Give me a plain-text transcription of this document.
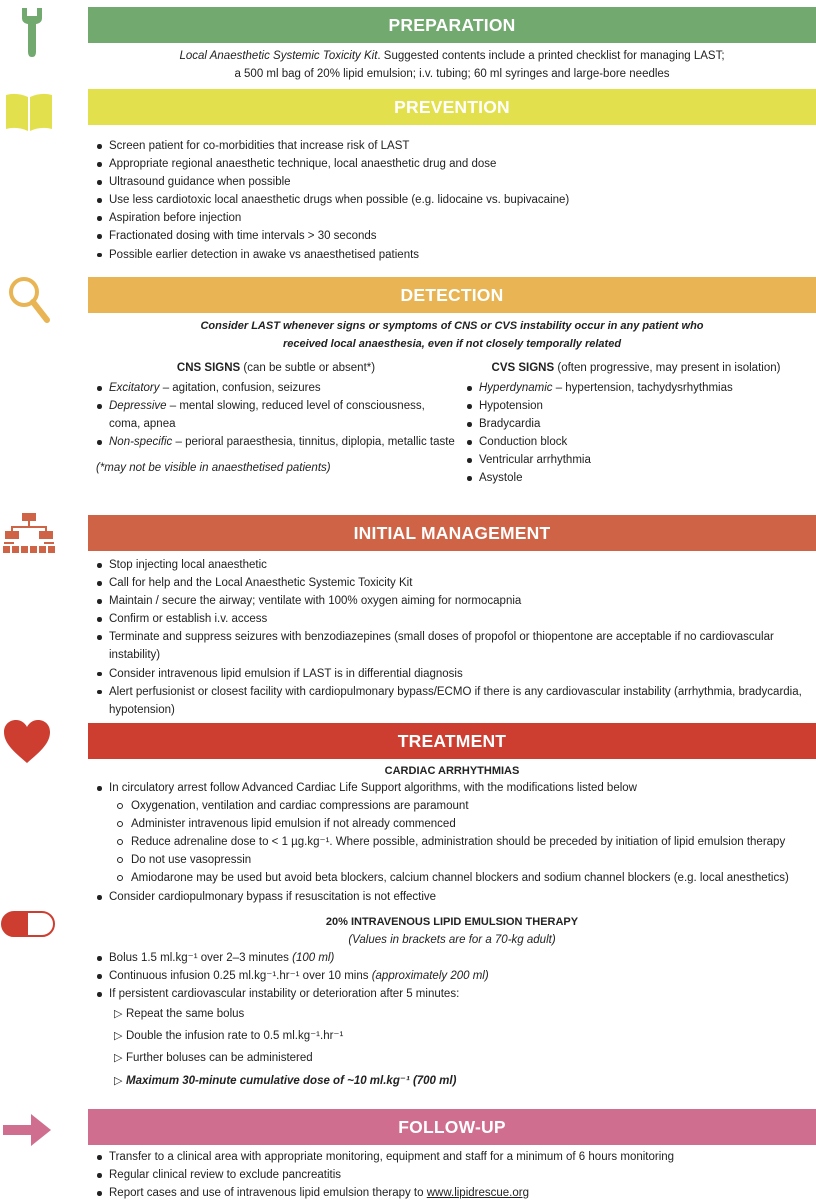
PREPARATION
Local Anaesthetic Systemic Toxicity Kit. Suggested contents include a printed checklist for managing LAST;
a 500 ml bag of 20% lipid emulsion; i.v. tubing; 60 ml syringes and large-bore needles
PREVENTION
Screen patient for co-morbidities that increase risk of LAST
Appropriate regional anaesthetic technique, local anaesthetic drug and dose
Ultrasound guidance when possible
Use less cardiotoxic local anaesthetic drugs when possible (e.g. lidocaine vs. bupivacaine)
Aspiration before injection
Fractionated dosing with time intervals > 30 seconds
Possible earlier detection in awake vs anaesthetised patients
DETECTION
Consider LAST whenever signs or symptoms of CNS or CVS instability occur in any patient who
received local anaesthesia, even if not closely temporally related
CNS SIGNS (can be subtle or absent*)
Excitatory – agitation, confusion, seizures
Depressive – mental slowing, reduced level of consciousness, coma, apnea
Non-specific – perioral paraesthesia, tinnitus, diplopia, metallic taste
(*may not be visible in anaesthetised patients)
CVS SIGNS (often progressive, may present in isolation)
Hyperdynamic – hypertension, tachydysrhythmias
Hypotension
Bradycardia
Conduction block
Ventricular arrhythmia
Asystole
INITIAL MANAGEMENT
Stop injecting local anaesthetic
Call for help and the Local Anaesthetic Systemic Toxicity Kit
Maintain / secure the airway; ventilate with 100% oxygen aiming for normocapnia
Confirm or establish i.v. access
Terminate and suppress seizures with benzodiazepines (small doses of propofol or thiopentone are acceptable if no cardiovascular instability)
Consider intravenous lipid emulsion if LAST is in differential diagnosis
Alert perfusionist or closest facility with cardiopulmonary bypass/ECMO if there is any cardiovascular instability (arrhythmia, bradycardia, hypotension)
TREATMENT
CARDIAC ARRHYTHMIAS
In circulatory arrest follow Advanced Cardiac Life Support algorithms, with the modifications listed below
Oxygenation, ventilation and cardiac compressions are paramount
Administer intravenous lipid emulsion if not already commenced
Reduce adrenaline dose to < 1 µg.kg⁻¹. Where possible, administration should be preceded by initiation of lipid emulsion therapy
Do not use vasopressin
Amiodarone may be used but avoid beta blockers, calcium channel blockers and sodium channel blockers (e.g. local anesthetics)
Consider cardiopulmonary bypass if resuscitation is not effective
20% INTRAVENOUS LIPID EMULSION THERAPY
(Values in brackets are for a 70-kg adult)
Bolus 1.5 ml.kg⁻¹ over 2–3 minutes (100 ml)
Continuous infusion 0.25 ml.kg⁻¹.hr⁻¹ over 10 mins (approximately 200 ml)
If persistent cardiovascular instability or deterioration after 5 minutes:
▷ Repeat the same bolus
▷ Double the infusion rate to 0.5 ml.kg⁻¹.hr⁻¹
▷ Further boluses can be administered
▷ Maximum 30-minute cumulative dose of ~10 ml.kg⁻¹ (700 ml)
FOLLOW-UP
Transfer to a clinical area with appropriate monitoring, equipment and staff for a minimum of 6 hours monitoring
Regular clinical review to exclude pancreatitis
Report cases and use of intravenous lipid emulsion therapy to www.lipidrescue.org
